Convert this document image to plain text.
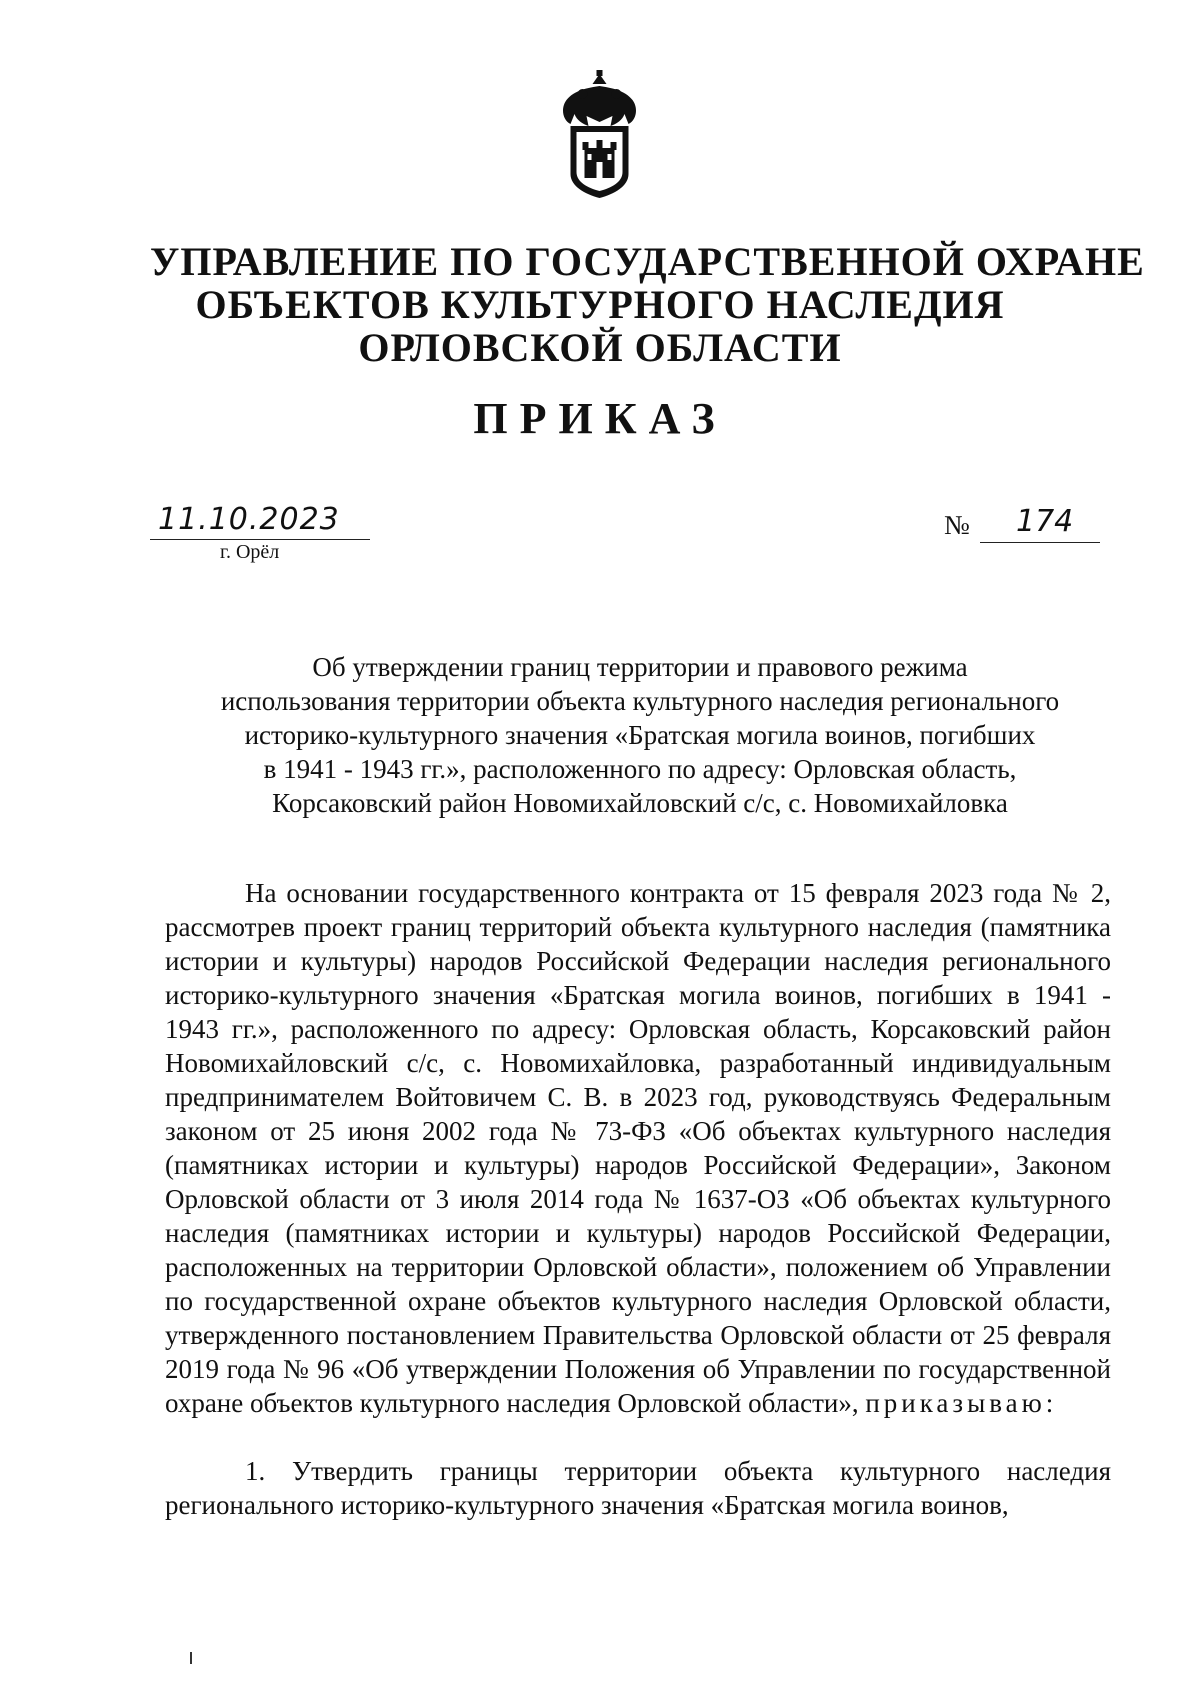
УПРАВЛЕНИЕ ПО ГОСУДАРСТВЕННОЙ ОХРАНЕ
ОБЪЕКТОВ КУЛЬТУРНОГО НАСЛЕДИЯ
ОРЛОВСКОЙ ОБЛАСТИ
ПРИКАЗ
11.10.2023
г. Орёл
№ 174
Об утверждении границ территории и правового режима
использования территории объекта культурного наследия регионального
историко-культурного значения «Братская могила воинов, погибших
в 1941 - 1943 гг.», расположенного по адресу: Орловская область,
Корсаковский район Новомихайловский с/с, с. Новомихайловка

На основании государственного контракта от 15 февраля 2023 года № 2, рассмотрев проект границ территорий объекта культурного наследия (памятника истории и культуры) народов Российской Федерации наследия регионального историко-культурного значения «Братская могила воинов, погибших в 1941 - 1943 гг.», расположенного по адресу: Орловская область, Корсаковский район Новомихайловский с/с, с. Новомихайловка, разработанный индивидуальным предпринимателем Войтовичем С. В. в 2023 год, руководствуясь Федеральным законом от 25 июня 2002 года № 73-ФЗ «Об объектах культурного наследия (памятниках истории и культуры) народов Российской Федерации», Законом Орловской области от 3 июля 2014 года № 1637-ОЗ «Об объектах культурного наследия (памятниках истории и культуры) народов Российской Федерации, расположенных на территории Орловской области», положением об Управлении по государственной охране объектов культурного наследия Орловской области, утвержденного постановлением Правительства Орловской области от 25 февраля 2019 года № 96 «Об утверждении Положения об Управлении по государственной охране объектов культурного наследия Орловской области», приказываю:

1. Утвердить границы территории объекта культурного наследия регионального историко-культурного значения «Братская могила воинов,
